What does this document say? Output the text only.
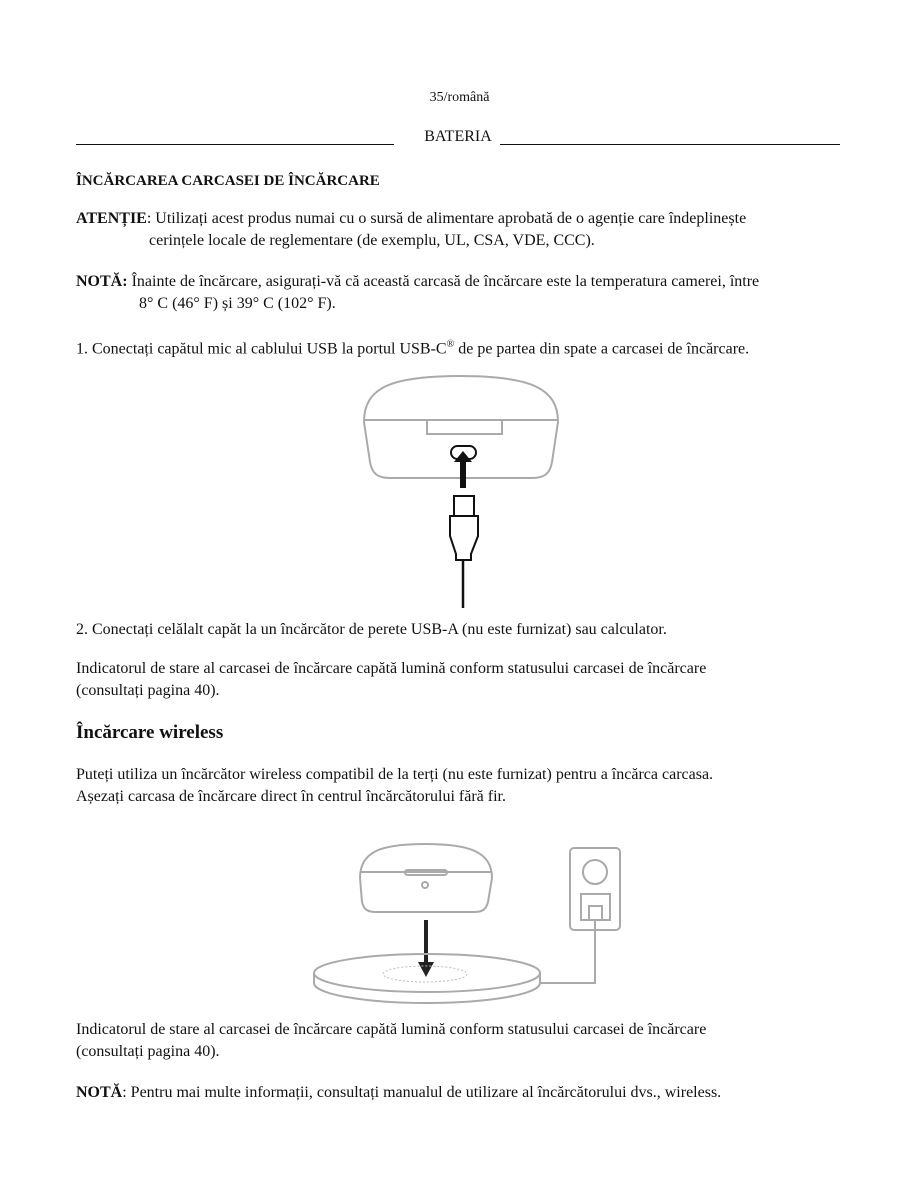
35/română
BATERIA
ÎNCĂRCAREA CARCASEI DE ÎNCĂRCARE
ATENȚIE: Utilizați acest produs numai cu o sursă de alimentare aprobată de o agenție care îndeplinește
cerințele locale de reglementare (de exemplu, UL, CSA, VDE, CCC).
NOTĂ: Înainte de încărcare, asigurați-vă că această carcasă de încărcare este la temperatura camerei, între
8° C (46° F) și 39° C (102° F).
1. Conectați capătul mic al cablului USB la portul USB-C® de pe partea din spate a carcasei de încărcare.
2. Conectați celălalt capăt la un încărcător de perete USB-A (nu este furnizat) sau calculator.
Indicatorul de stare al carcasei de încărcare capătă lumină conform statusului carcasei de încărcare
(consultați pagina 40).
Încărcare wireless
Puteți utiliza un încărcător wireless compatibil de la terți (nu este furnizat) pentru a încărca carcasa.
Așezați carcasa de încărcare direct în centrul încărcătorului fără fir.
Indicatorul de stare al carcasei de încărcare capătă lumină conform statusului carcasei de încărcare
(consultați pagina 40).
NOTĂ: Pentru mai multe informații, consultați manualul de utilizare al încărcătorului dvs., wireless.
